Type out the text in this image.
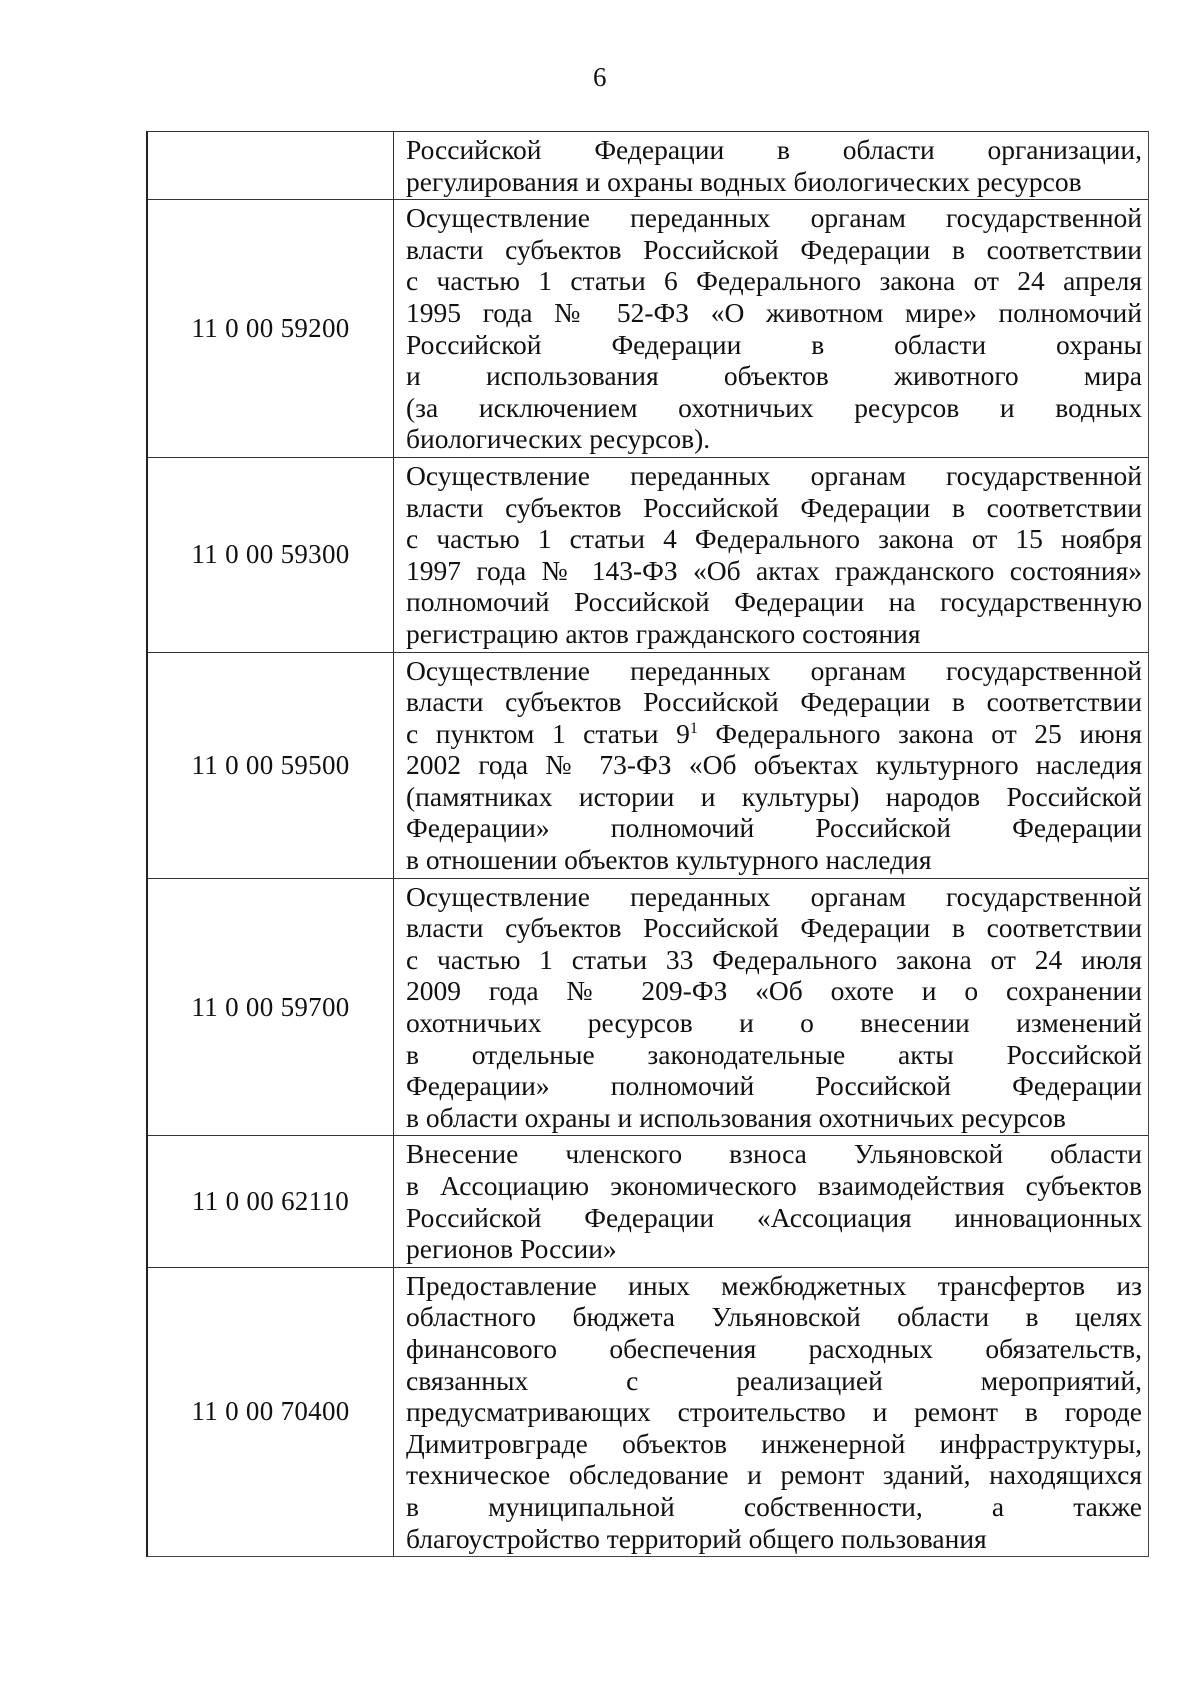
6
Российской Федерации в области организации,
регулирования и охраны водных биологических ресурсов
11 0 00 59200
Осуществление переданных органам государственной
власти субъектов Российской Федерации в соответствии
с частью 1 статьи 6 Федерального закона от 24 апреля
1995 года № 52-ФЗ «О животном мире» полномочий
Российской Федерации в области охраны
и использования объектов животного мира
(за исключением охотничьих ресурсов и водных
биологических ресурсов).
11 0 00 59300
Осуществление переданных органам государственной
власти субъектов Российской Федерации в соответствии
с частью 1 статьи 4 Федерального закона от 15 ноября
1997 года № 143-ФЗ «Об актах гражданского состояния»
полномочий Российской Федерации на государственную
регистрацию актов гражданского состояния
11 0 00 59500
Осуществление переданных органам государственной
власти субъектов Российской Федерации в соответствии
с пунктом 1 статьи $9^1$ Федерального закона от 25 июня
2002 года № 73-ФЗ «Об объектах культурного наследия
(памятниках истории и культуры) народов Российской
Федерации» полномочий Российской Федерации
в отношении объектов культурного наследия
11 0 00 59700
Осуществление переданных органам государственной
власти субъектов Российской Федерации в соответствии
с частью 1 статьи 33 Федерального закона от 24 июля
2009 года № 209-ФЗ «Об охоте и о сохранении
охотничьих ресурсов и о внесении изменений
в отдельные законодательные акты Российской
Федерации» полномочий Российской Федерации
в области охраны и использования охотничьих ресурсов
11 0 00 62110
Внесение членского взноса Ульяновской области
в Ассоциацию экономического взаимодействия субъектов
Российской Федерации «Ассоциация инновационных
регионов России»
11 0 00 70400
Предоставление иных межбюджетных трансфертов из
областного бюджета Ульяновской области в целях
финансового обеспечения расходных обязательств,
связанных с реализацией мероприятий,
предусматривающих строительство и ремонт в городе
Димитровграде объектов инженерной инфраструктуры,
техническое обследование и ремонт зданий, находящихся
в муниципальной собственности, а также
благоустройство территорий общего пользования
